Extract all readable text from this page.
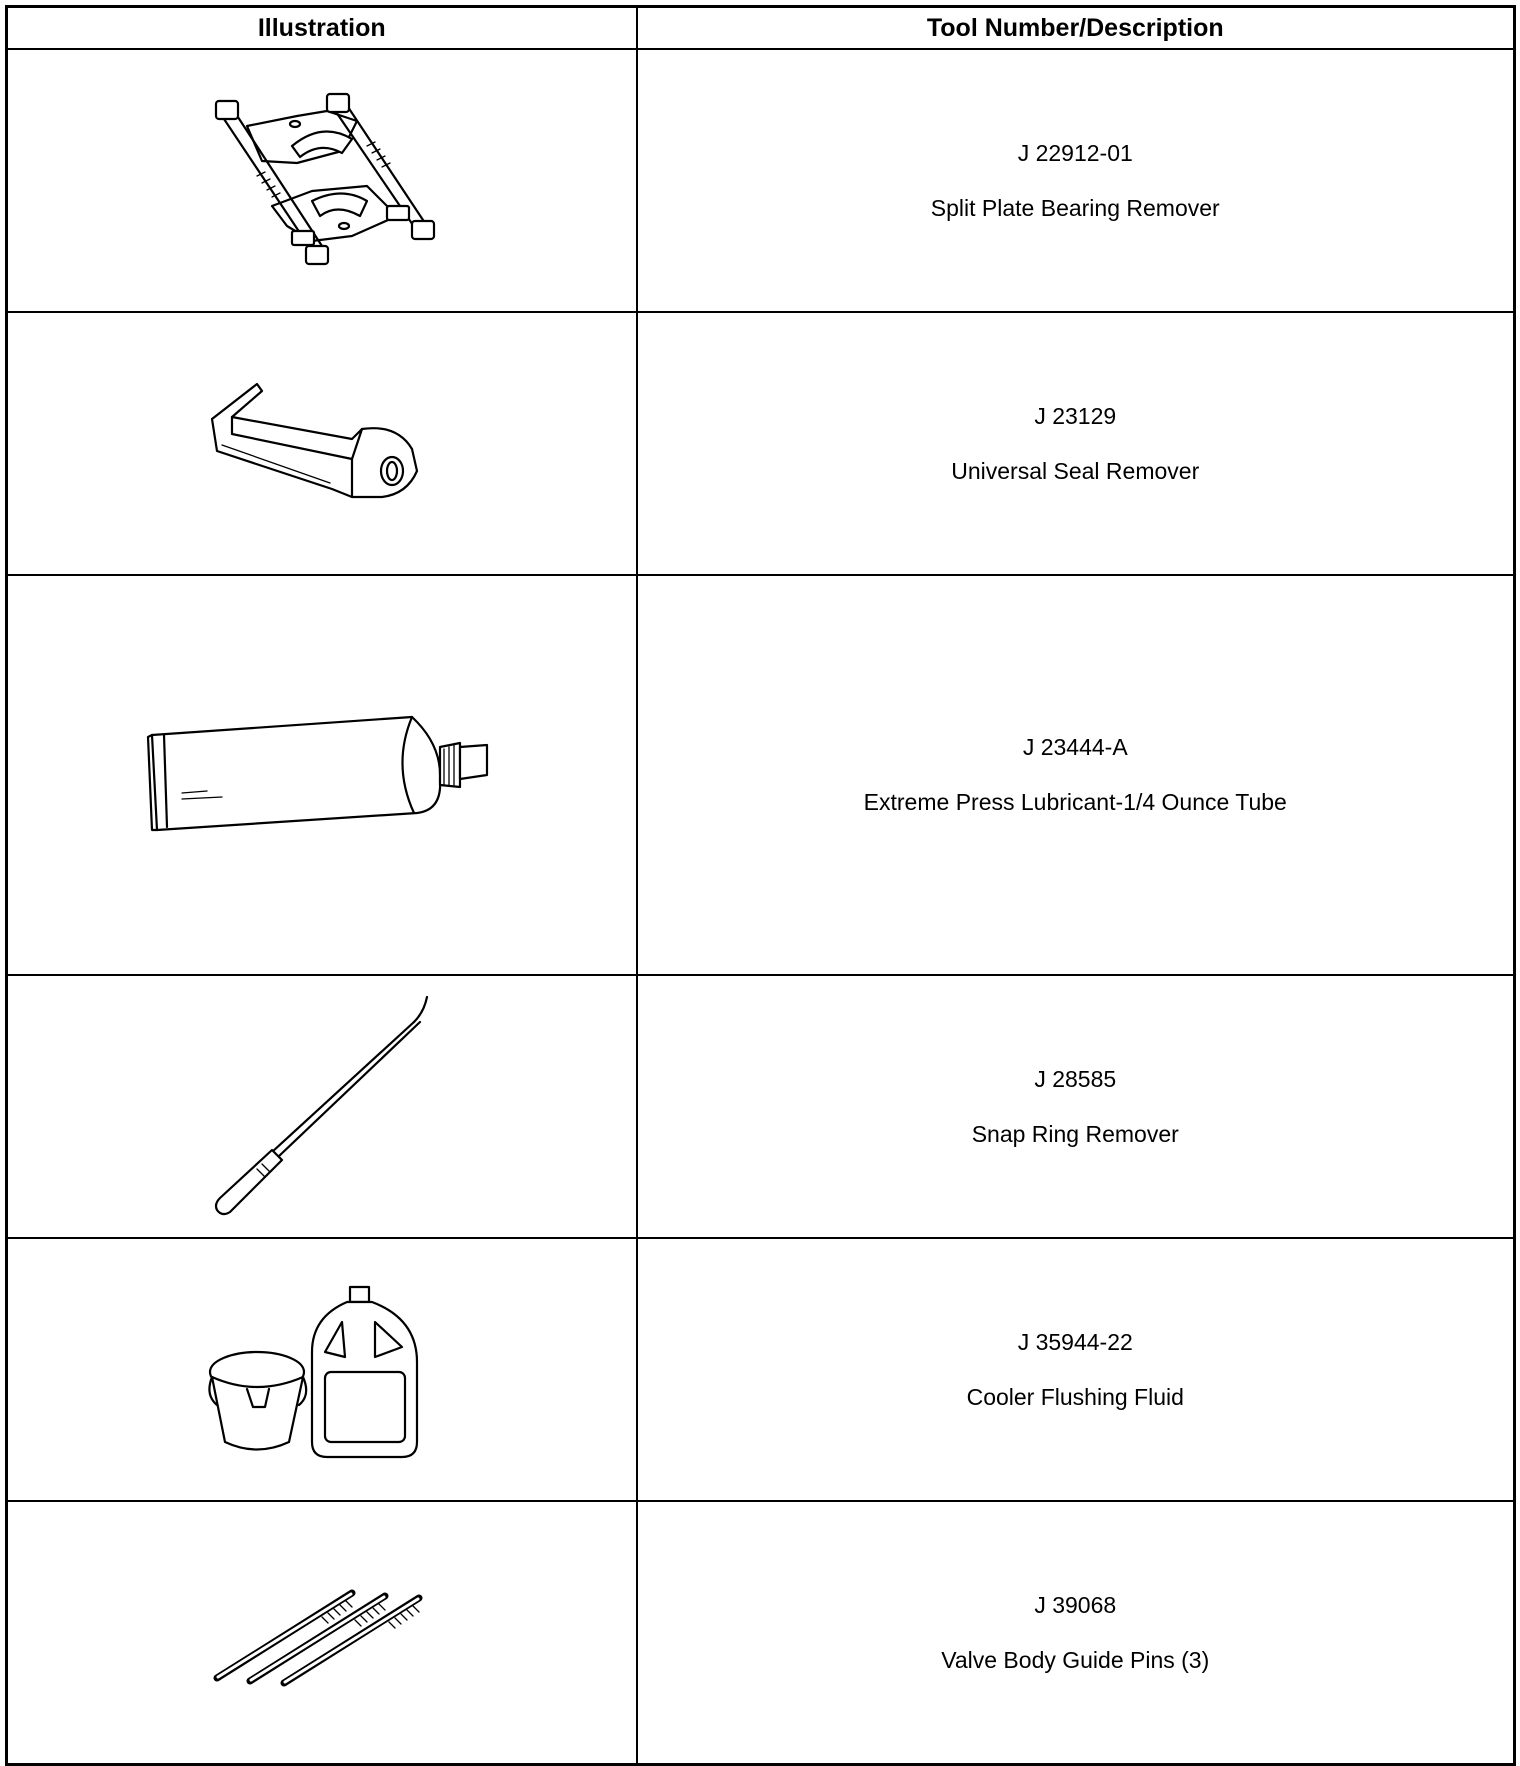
Illustration	Tool Number/Description

J 22912-01
Split Plate Bearing Remover

J 23129
Universal Seal Remover

J 23444-A
Extreme Press Lubricant-1/4 Ounce Tube

J 28585
Snap Ring Remover

J 35944-22
Cooler Flushing Fluid

J 39068
Valve Body Guide Pins (3)
